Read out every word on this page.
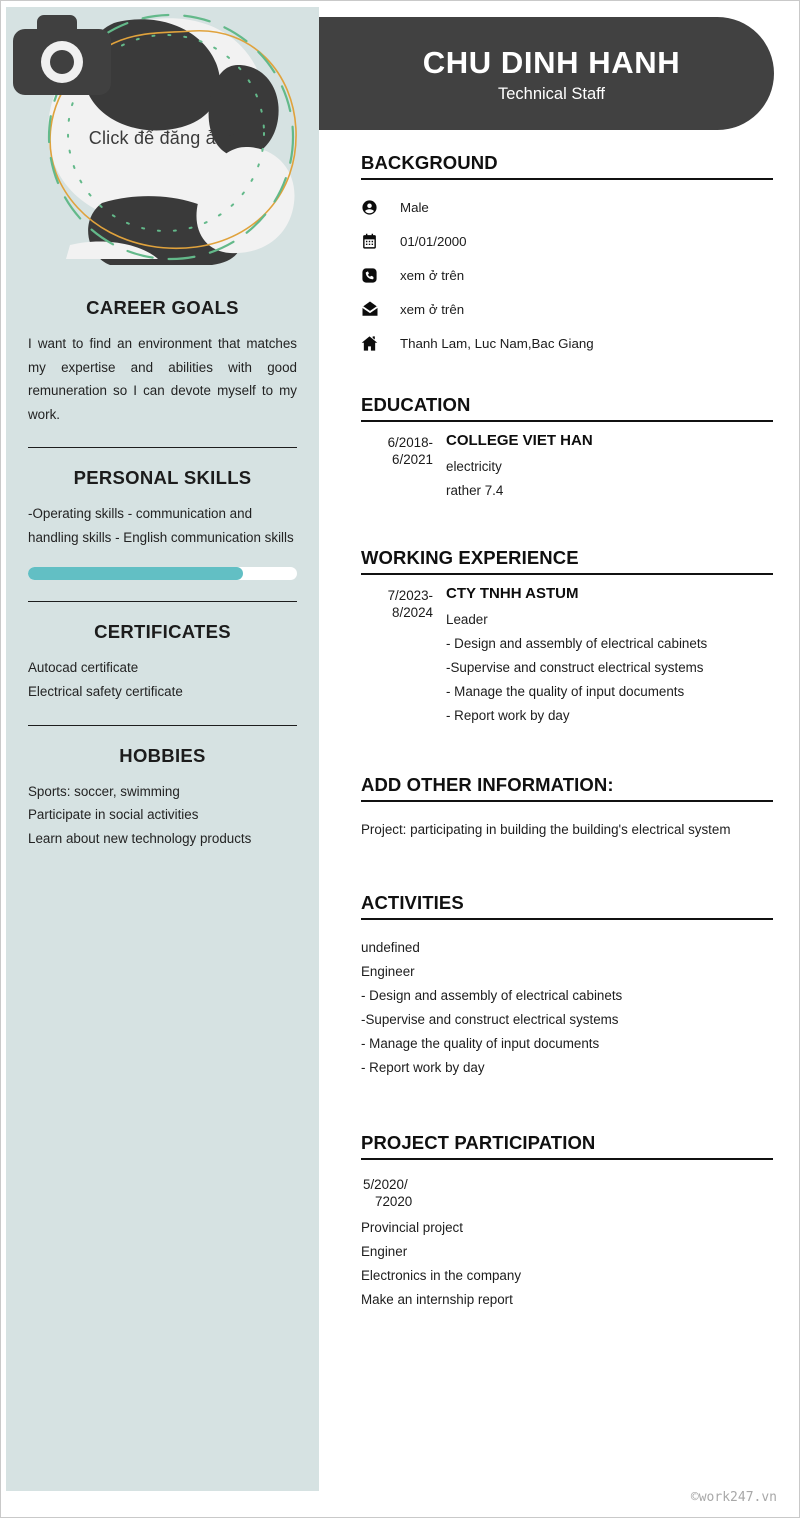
Click để đăng ảnh
CAREER GOALS
I want to find an environment that matches my expertise and abilities with good remuneration so I can devote myself to my work.
PERSONAL SKILLS
-Operating skills - communication and handling skills - English communication skills
CERTIFICATES
Autocad certificate
Electrical safety certificate
HOBBIES
Sports: soccer, swimming
Participate in social activities
Learn about new technology products
CHU DINH HANH
Technical Staff
BACKGROUND
Male
01/01/2000
xem ở trên
xem ở trên
Thanh Lam, Luc Nam,Bac Giang
EDUCATION
6/2018-
6/2021
COLLEGE VIET HAN
electricity
rather 7.4
WORKING EXPERIENCE
7/2023-
8/2024
CTY TNHH ASTUM
Leader
- Design and assembly of electrical cabinets
-Supervise and construct electrical systems
- Manage the quality of input documents
- Report work by day
ADD OTHER INFORMATION:
Project: participating in building the building's electrical system
ACTIVITIES
undefined
Engineer
- Design and assembly of electrical cabinets
-Supervise and construct electrical systems
- Manage the quality of input documents
- Report work by day
PROJECT PARTICIPATION
5/2020/
72020
Provincial project
Enginer
Electronics in the company
Make an internship report
©work247.vn
